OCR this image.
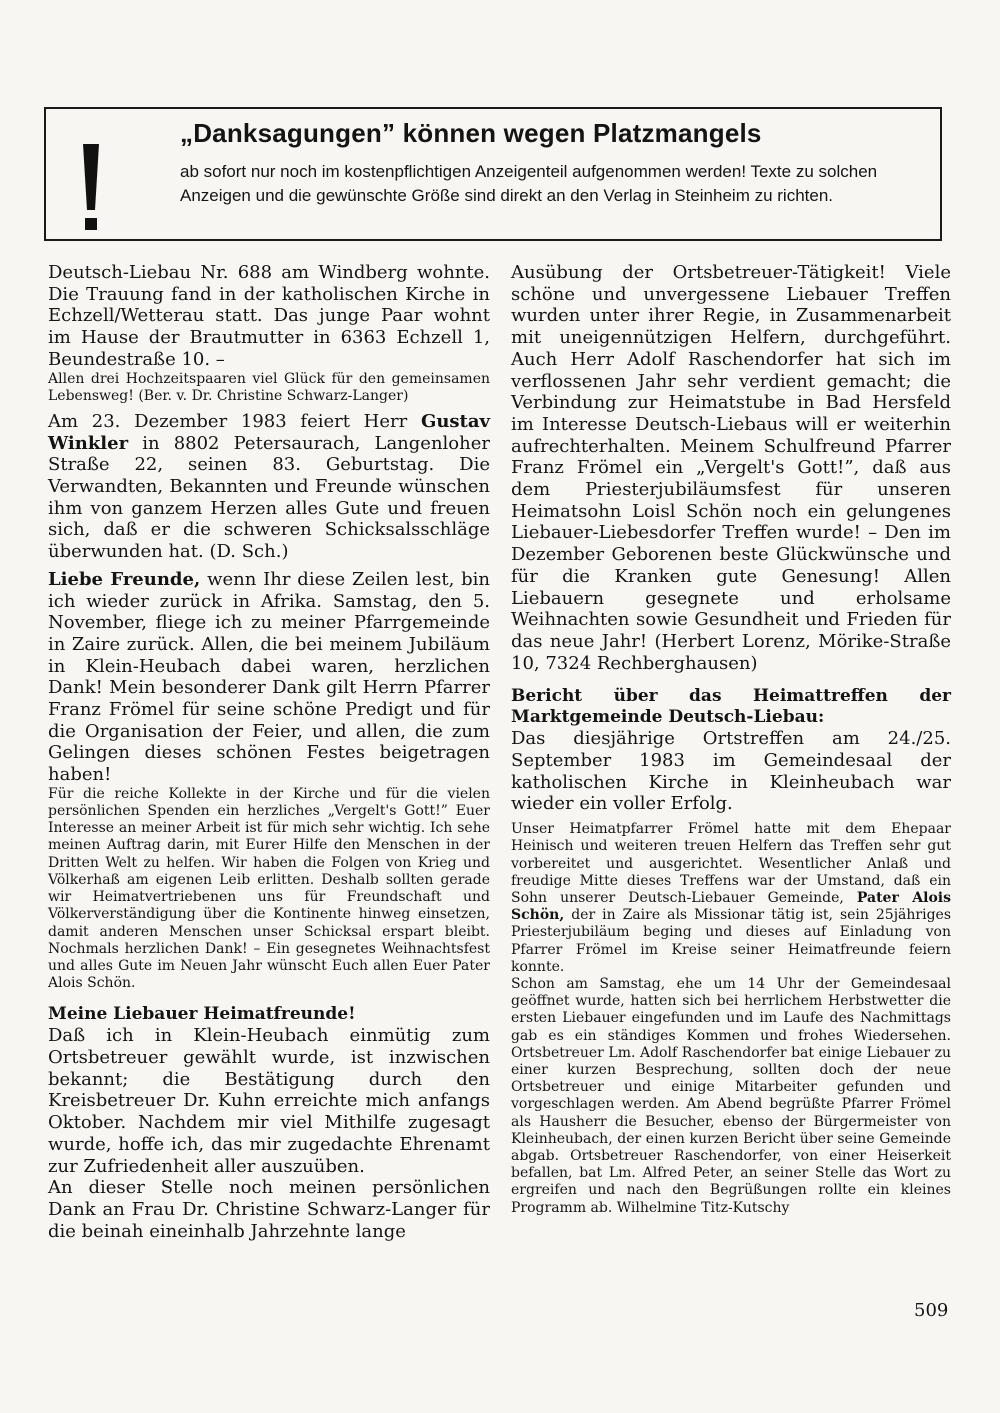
„Danksagungen” können wegen Platzmangels

ab sofort nur noch im kostenpflichtigen Anzeigenteil aufgenommen werden! Texte zu solchen Anzeigen und die gewünschte Größe sind direkt an den Verlag in Steinheim zu richten.

Deutsch-Liebau Nr. 688 am Windberg wohnte. Die Trauung fand in der katholischen Kirche in Echzell/Wetterau statt. Das junge Paar wohnt im Hause der Brautmutter in 6363 Echzell 1, Beundestraße 10. –

Allen drei Hochzeitspaaren viel Glück für den gemeinsamen Lebensweg! (Ber. v. Dr. Christine Schwarz-Langer)

Am 23. Dezember 1983 feiert Herr Gustav Winkler in 8802 Petersaurach, Langenloher Straße 22, seinen 83. Geburtstag. Die Verwandten, Bekannten und Freunde wünschen ihm von ganzem Herzen alles Gute und freuen sich, daß er die schweren Schicksalsschläge überwunden hat. (D. Sch.)

Liebe Freunde, wenn Ihr diese Zeilen lest, bin ich wieder zurück in Afrika. Samstag, den 5. November, fliege ich zu meiner Pfarrgemeinde in Zaire zurück. Allen, die bei meinem Jubiläum in Klein-Heubach dabei waren, herzlichen Dank! Mein besonderer Dank gilt Herrn Pfarrer Franz Frömel für seine schöne Predigt und für die Organisation der Feier, und allen, die zum Gelingen dieses schönen Festes beigetragen haben!

Für die reiche Kollekte in der Kirche und für die vielen persönlichen Spenden ein herzliches „Vergelt's Gott!” Euer Interesse an meiner Arbeit ist für mich sehr wichtig. Ich sehe meinen Auftrag darin, mit Eurer Hilfe den Menschen in der Dritten Welt zu helfen. Wir haben die Folgen von Krieg und Völkerhaß am eigenen Leib erlitten. Deshalb sollten gerade wir Heimatvertriebenen uns für Freundschaft und Völkerverständigung über die Kontinente hinweg einsetzen, damit anderen Menschen unser Schicksal erspart bleibt. Nochmals herzlichen Dank! – Ein gesegnetes Weihnachtsfest und alles Gute im Neuen Jahr wünscht Euch allen Euer Pater Alois Schön.

Meine Liebauer Heimatfreunde!

Daß ich in Klein-Heubach einmütig zum Ortsbetreuer gewählt wurde, ist inzwischen bekannt; die Bestätigung durch den Kreisbetreuer Dr. Kuhn erreichte mich anfangs Oktober. Nachdem mir viel Mithilfe zugesagt wurde, hoffe ich, das mir zugedachte Ehrenamt zur Zufriedenheit aller auszuüben.

An dieser Stelle noch meinen persönlichen Dank an Frau Dr. Christine Schwarz-Langer für die beinah eineinhalb Jahrzehnte lange

Ausübung der Ortsbetreuer-Tätigkeit! Viele schöne und unvergessene Liebauer Treffen wurden unter ihrer Regie, in Zusammenarbeit mit uneigennützigen Helfern, durchgeführt. Auch Herr Adolf Raschendorfer hat sich im verflossenen Jahr sehr verdient gemacht; die Verbindung zur Heimatstube in Bad Hersfeld im Interesse Deutsch-Liebaus will er weiterhin aufrechterhalten. Meinem Schulfreund Pfarrer Franz Frömel ein „Vergelt's Gott!”, daß aus dem Priesterjubiläumsfest für unseren Heimatsohn Loisl Schön noch ein gelungenes Liebauer-Liebesdorfer Treffen wurde! – Den im Dezember Geborenen beste Glückwünsche und für die Kranken gute Genesung! Allen Liebauern gesegnete und erholsame Weihnachten sowie Gesundheit und Frieden für das neue Jahr! (Herbert Lorenz, Mörike-Straße 10, 7324 Rechberghausen)

Bericht über das Heimattreffen der Marktgemeinde Deutsch-Liebau:

Das diesjährige Ortstreffen am 24./25. September 1983 im Gemeindesaal der katholischen Kirche in Kleinheubach war wieder ein voller Erfolg.

Unser Heimatpfarrer Frömel hatte mit dem Ehepaar Heinisch und weiteren treuen Helfern das Treffen sehr gut vorbereitet und ausgerichtet. Wesentlicher Anlaß und freudige Mitte dieses Treffens war der Umstand, daß ein Sohn unserer Deutsch-Liebauer Gemeinde, Pater Alois Schön, der in Zaire als Missionar tätig ist, sein 25jähriges Priesterjubiläum beging und dieses auf Einladung von Pfarrer Frömel im Kreise seiner Heimatfreunde feiern konnte.

Schon am Samstag, ehe um 14 Uhr der Gemeindesaal geöffnet wurde, hatten sich bei herrlichem Herbstwetter die ersten Liebauer eingefunden und im Laufe des Nachmittags gab es ein ständiges Kommen und frohes Wiedersehen. Ortsbetreuer Lm. Adolf Raschendorfer bat einige Liebauer zu einer kurzen Besprechung, sollten doch der neue Ortsbetreuer und einige Mitarbeiter gefunden und vorgeschlagen werden. Am Abend begrüßte Pfarrer Frömel als Hausherr die Besucher, ebenso der Bürgermeister von Kleinheubach, der einen kurzen Bericht über seine Gemeinde abgab. Ortsbetreuer Raschendorfer, von einer Heiserkeit befallen, bat Lm. Alfred Peter, an seiner Stelle das Wort zu ergreifen und nach den Begrüßungen rollte ein kleines Programm ab. Wilhelmine Titz-Kutschy

509
